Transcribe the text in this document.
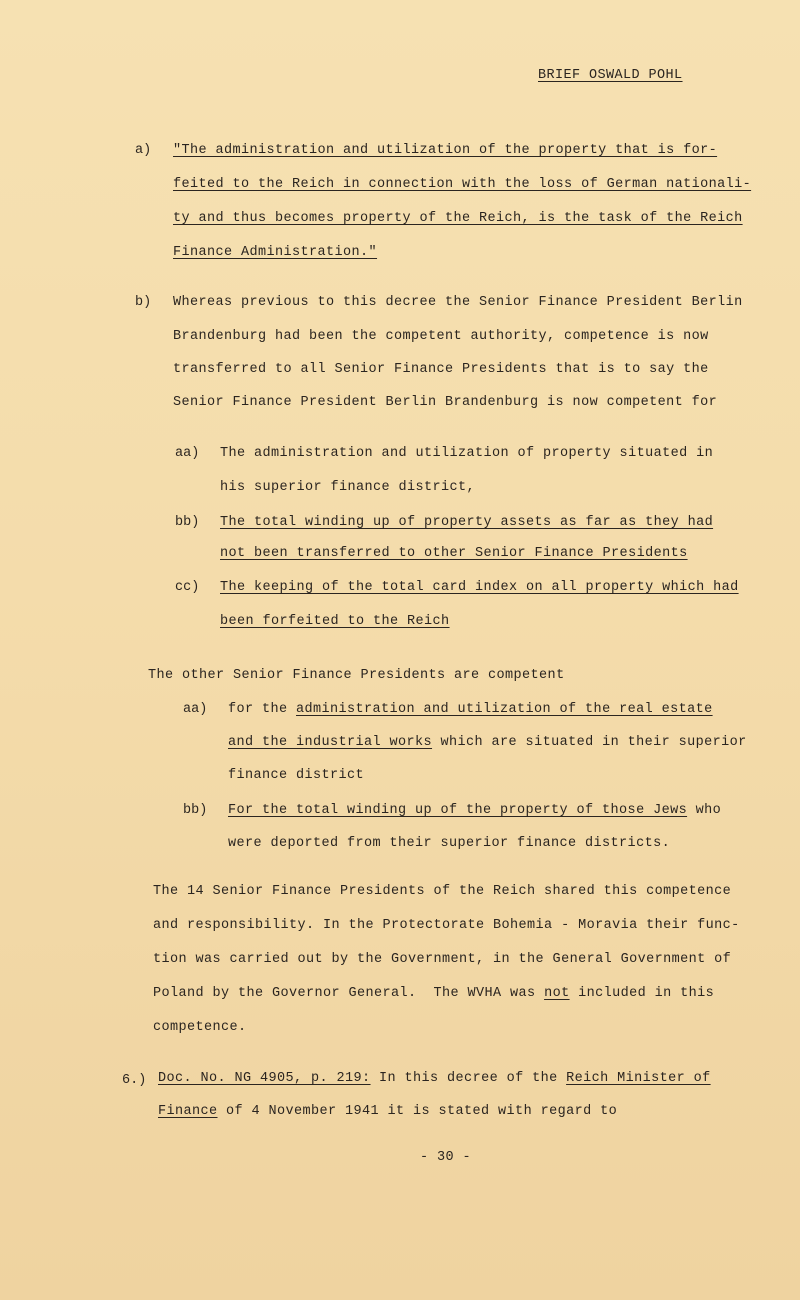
BRIEF OSWALD POHL
a) "The administration and utilization of the property that is for-
feited to the Reich in connection with the loss of German nationali-
ty and thus becomes property of the Reich, is the task of the Reich
Finance Administration."
b) Whereas previous to this decree the Senior Finance President Berlin
Brandenburg had been the competent authority, competence is now
transferred to all Senior Finance Presidents that is to say the
Senior Finance President Berlin Brandenburg is now competent for
aa) The administration and utilization of property situated in
his superior finance district,
bb) The total winding up of property assets as far as they had
not been transferred to other Senior Finance Presidents
cc) The keeping of the total card index on all property which had
been forfeited to the Reich
The other Senior Finance Presidents are competent
aa) for the administration and utilization of the real estate
and the industrial works which are situated in their superior
finance district
bb) For the total winding up of the property of those Jews who
were deported from their superior finance districts.
The 14 Senior Finance Presidents of the Reich shared this competence
and responsibility. In the Protectorate Bohemia - Moravia their func-
tion was carried out by the Government, in the General Government of
Poland by the Governor General.  The WVHA was not included in this
competence.
6.) Doc. No. NG 4905, p. 219: In this decree of the Reich Minister of
Finance of 4 November 1941 it is stated with regard to
- 30 -
